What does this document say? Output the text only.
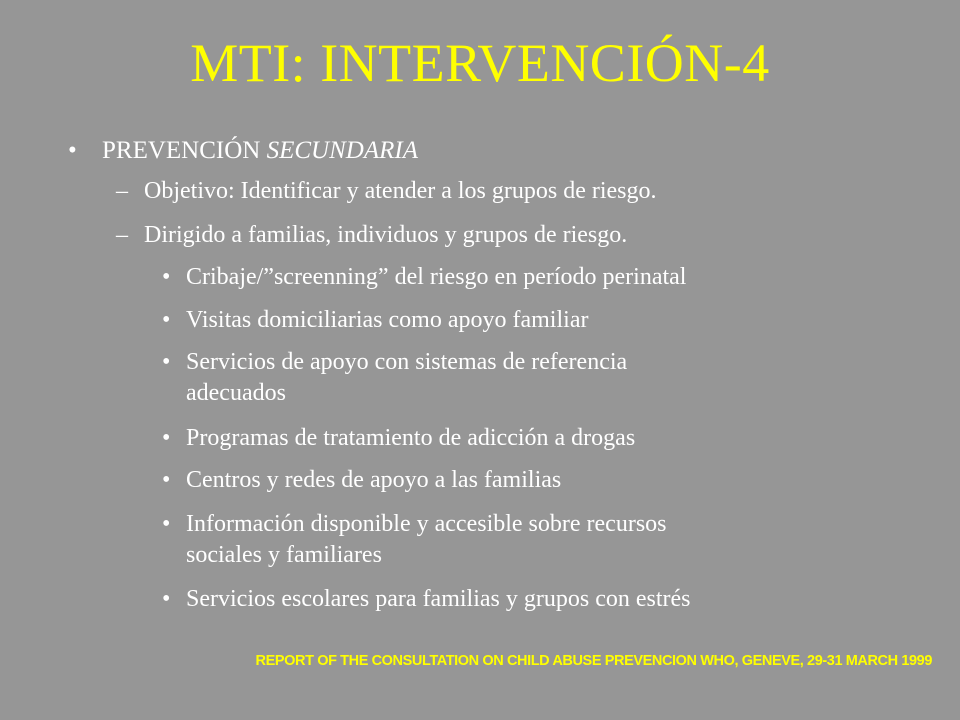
MTI: INTERVENCIÓN-4
• PREVENCIÓN SECUNDARIA
– Objetivo: Identificar y atender a los grupos de riesgo.
– Dirigido a familias, individuos y grupos de riesgo.
• Cribaje/”screenning” del riesgo en período perinatal
• Visitas domiciliarias como apoyo familiar
• Servicios de apoyo con sistemas de referencia
adecuados
• Programas de tratamiento de adicción a drogas
• Centros y redes de apoyo a las familias
• Información disponible y accesible sobre recursos
sociales y familiares
• Servicios escolares para familias y grupos con estrés
REPORT OF THE CONSULTATION ON CHILD ABUSE PREVENCION WHO, GENEVE, 29-31 MARCH 1999
